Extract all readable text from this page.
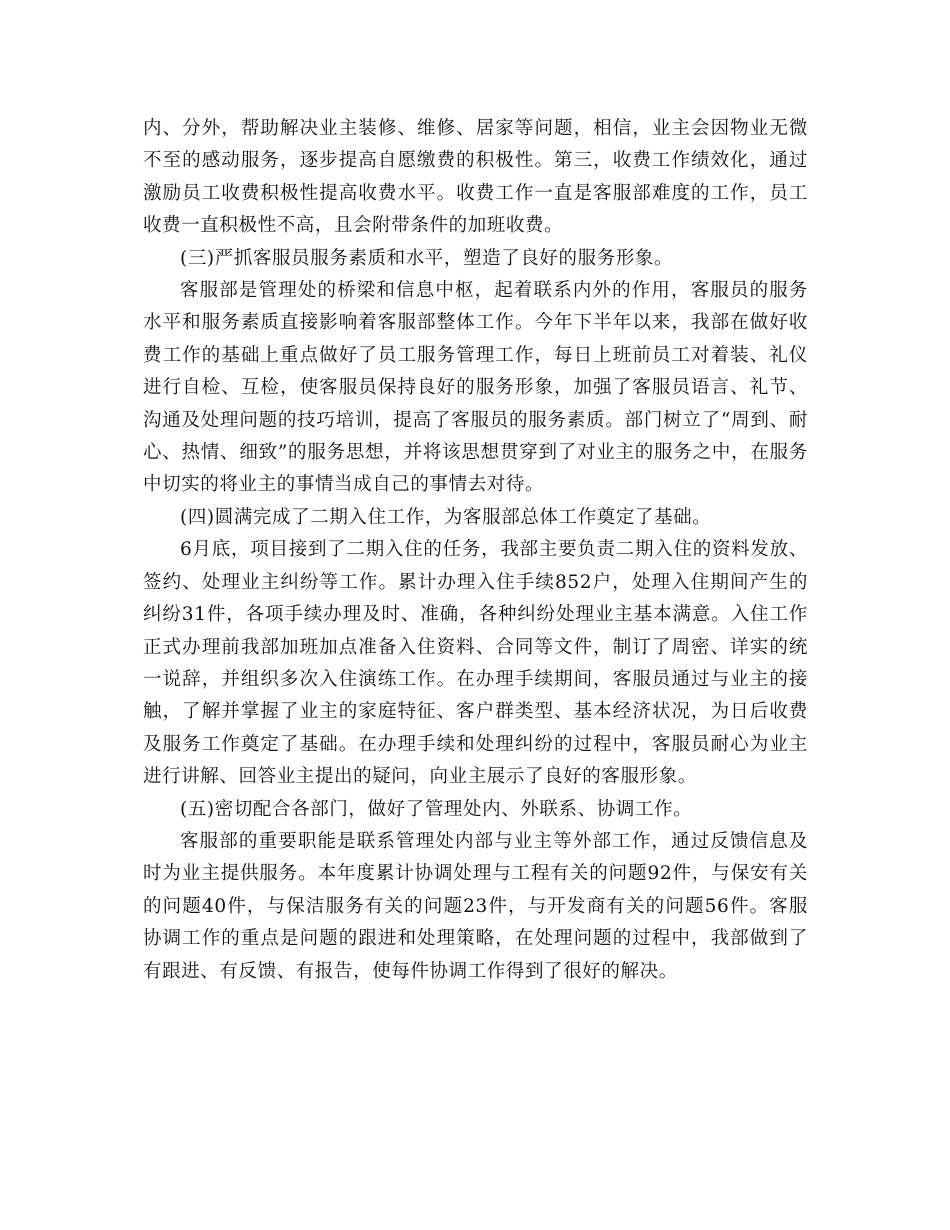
内、分外，帮助解决业主装修、维修、居家等问题，相信，业主会因物业无微不至的感动服务，逐步提高自愿缴费的积极性。第三，收费工作绩效化，通过激励员工收费积极性提高收费水平。收费工作一直是客服部难度的工作，员工收费一直积极性不高，且会附带条件的加班收费。

(三)严抓客服员服务素质和水平，塑造了良好的服务形象。

客服部是管理处的桥梁和信息中枢，起着联系内外的作用，客服员的服务水平和服务素质直接影响着客服部整体工作。今年下半年以来，我部在做好收费工作的基础上重点做好了员工服务管理工作，每日上班前员工对着装、礼仪进行自检、互检，使客服员保持良好的服务形象，加强了客服员语言、礼节、沟通及处理问题的技巧培训，提高了客服员的服务素质。部门树立了“周到、耐心、热情、细致”的服务思想，并将该思想贯穿到了对业主的服务之中，在服务中切实的将业主的事情当成自己的事情去对待。

(四)圆满完成了二期入住工作，为客服部总体工作奠定了基础。

6月底，项目接到了二期入住的任务，我部主要负责二期入住的资料发放、签约、处理业主纠纷等工作。累计办理入住手续852户，处理入住期间产生的纠纷31件，各项手续办理及时、准确，各种纠纷处理业主基本满意。入住工作正式办理前我部加班加点准备入住资料、合同等文件，制订了周密、详实的统一说辞，并组织多次入住演练工作。在办理手续期间，客服员通过与业主的接触，了解并掌握了业主的家庭特征、客户群类型、基本经济状况，为日后收费及服务工作奠定了基础。在办理手续和处理纠纷的过程中，客服员耐心为业主进行讲解、回答业主提出的疑问，向业主展示了良好的客服形象。

(五)密切配合各部门，做好了管理处内、外联系、协调工作。

客服部的重要职能是联系管理处内部与业主等外部工作，通过反馈信息及时为业主提供服务。本年度累计协调处理与工程有关的问题92件，与保安有关的问题40件，与保洁服务有关的问题23件，与开发商有关的问题56件。客服协调工作的重点是问题的跟进和处理策略，在处理问题的过程中，我部做到了有跟进、有反馈、有报告，使每件协调工作得到了很好的解决。
